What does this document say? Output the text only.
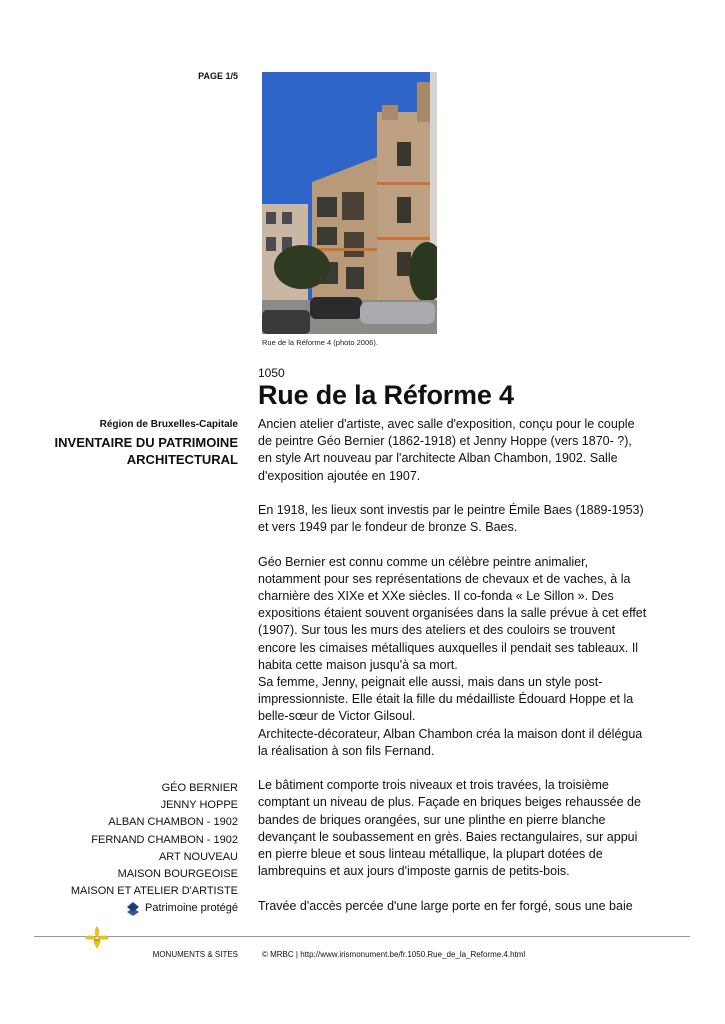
PAGE 1/5
Rue de la Réforme 4 (photo 2006).
1050
Rue de la Réforme 4
Région de Bruxelles-Capitale
INVENTAIRE DU PATRIMOINE
ARCHITECTURAL

Ancien atelier d'artiste, avec salle d'exposition, conçu pour le couple de peintre Géo Bernier (1862-1918) et Jenny Hoppe (vers 1870- ?), en style Art nouveau par l'architecte Alban Chambon, 1902. Salle d'exposition ajoutée en 1907.

En 1918, les lieux sont investis par le peintre Émile Baes (1889-1953) et vers 1949 par le fondeur de bronze S. Baes.

Géo Bernier est connu comme un célèbre peintre animalier, notamment pour ses représentations de chevaux et de vaches, à la charnière des XIXe et XXe siècles. Il co-fonda « Le Sillon ». Des expositions étaient souvent organisées dans la salle prévue à cet effet (1907). Sur tous les murs des ateliers et des couloirs se trouvent encore les cimaises métalliques auxquelles il pendait ses tableaux. Il habita cette maison jusqu'à sa mort.

Sa femme, Jenny, peignait elle aussi, mais dans un style post-impressionniste. Elle était la fille du médailliste Édouard Hoppe et la belle-sœur de Victor Gilsoul.

Architecte-décorateur, Alban Chambon créa la maison dont il délégua la réalisation à son fils Fernand.

Le bâtiment comporte trois niveaux et trois travées, la troisième comptant un niveau de plus. Façade en briques beiges rehaussée de bandes de briques orangées, sur une plinthe en pierre blanche devançant le soubassement en grès. Baies rectangulaires, sur appui en pierre bleue et sous linteau métallique, la plupart dotées de lambrequins et aux jours d'imposte garnis de petits-bois.

Travée d'accès percée d'une large porte en fer forgé, sous une baie

GÉO BERNIER
JENNY HOPPE
ALBAN CHAMBON - 1902
FERNAND CHAMBON - 1902
ART NOUVEAU
MAISON BOURGEOISE
MAISON ET ATELIER D'ARTISTE
Patrimoine protégé
MONUMENTS & SITES	© MRBC | http://www.irismonument.be/fr.1050.Rue_de_la_Reforme.4.html
